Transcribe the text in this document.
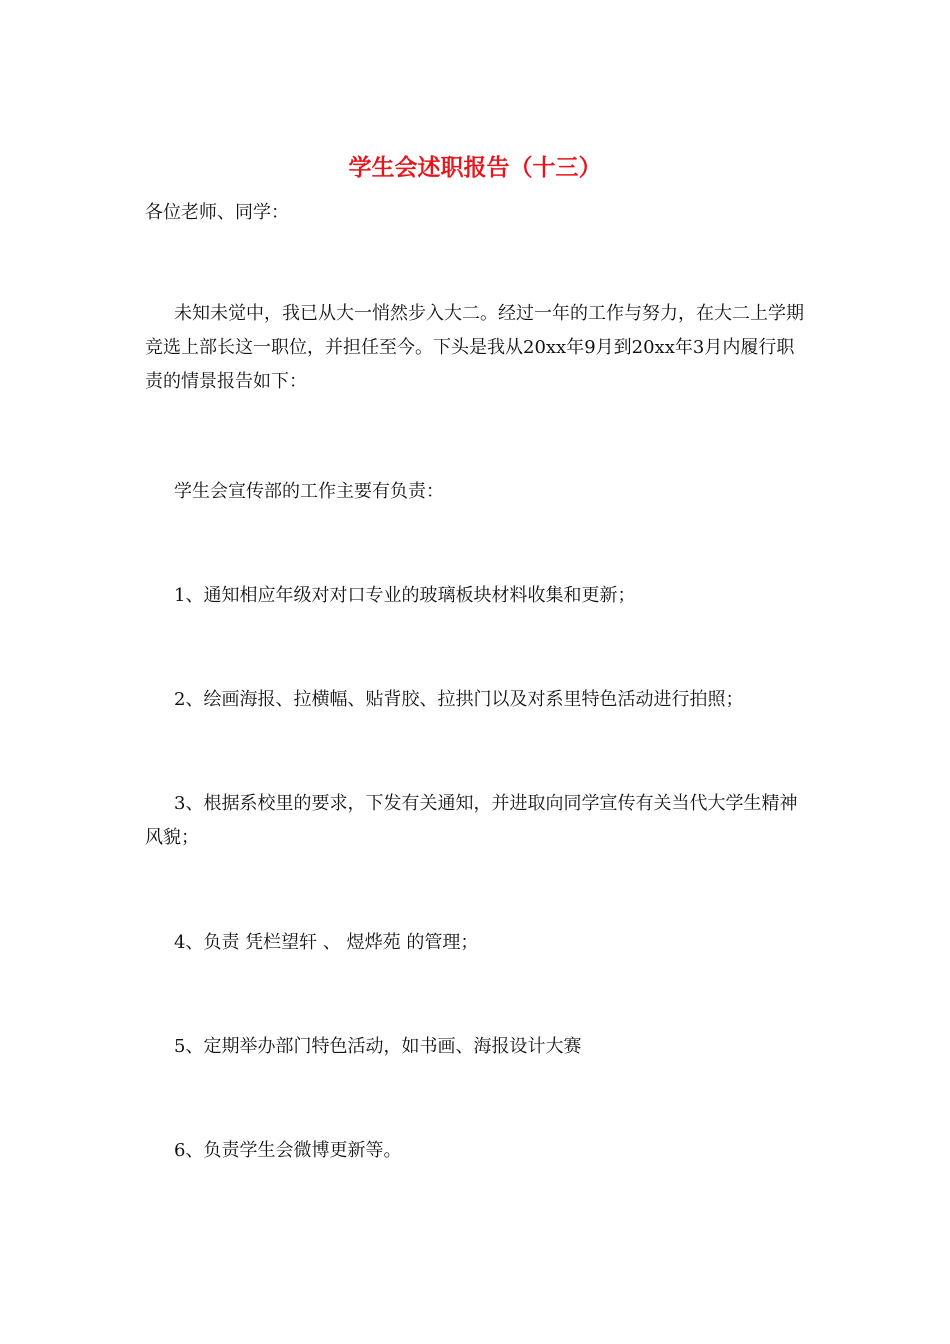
学生会述职报告（十三）

各位老师、同学：

未知未觉中，我已从大一悄然步入大二。经过一年的工作与努力，在大二上学期竞选上部长这一职位，并担任至今。下头是我从20xx年9月到20xx年3月内履行职责的情景报告如下：

学生会宣传部的工作主要有负责：

1、通知相应年级对对口专业的玻璃板块材料收集和更新；

2、绘画海报、拉横幅、贴背胶、拉拱门以及对系里特色活动进行拍照；

3、根据系校里的要求，下发有关通知，并进取向同学宣传有关当代大学生精神风貌；

4、负责 凭栏望轩 、 煜烨苑 的管理；

5、定期举办部门特色活动，如书画、海报设计大赛

6、负责学生会微博更新等。
